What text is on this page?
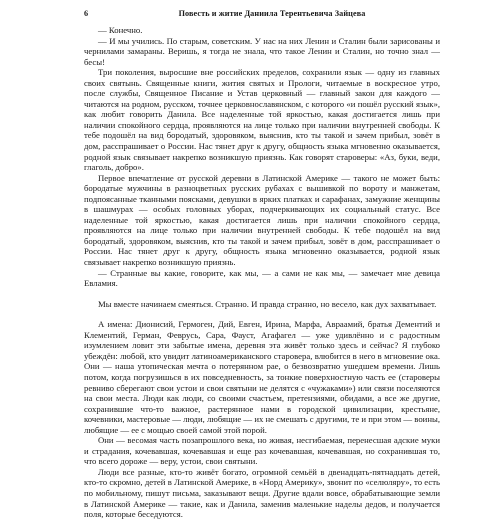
6	Повесть и житие Даниила Терентьевича Зайцева

— Конечно.

— И мы учились. По старым, советским. У нас на них Ленин и Сталин были зарисованы и чернилами замараны. Веришь, я тогда не знала, что такое Ленин и Сталин, но точно знал — бесы!

Три поколения, выросшие вне российских пределов, сохранили язык — одну из главных своих святынь. Священные книги, жития святых и Прологи, читаемые в воскресное утро, после службы, Священное Писание и Устав церковный — главный закон для каждого — читаются на родном, русском, точнее церковнославянском, с которого «и пошёл русский язык», как любит говорить Данила. Все наделенные той яркостью, какая достигается лишь при наличии спокойного сердца, проявляются на лице только при наличии внутренней свободы. К тебе подошёл на вид бородатый, здоровяком, выяснив, кто ты такой и зачем прибыл, зовёт в дом, расспрашивает о России. Нас тянет друг к другу, общность языка мгновенно оказывается, родной язык связывает накрепко возникшую приязнь. Как говорят староверы: «Аз, буки, веди, глаголь, добро».

Первое впечатление от русской деревни в Латинской Америке — такого не может быть: бородатые мужчины в разноцветных русских рубахах с вышивкой по вороту и манжетам, подпоясанные тканными поясками, девушки в ярких платках и сарафанах, замужние женщины в шашмурах — особых головных уборах, подчеркивающих их социальный статус. Все наделенные той яркостью, какая достигается лишь при наличии спокойного сердца, проявляются на лице только при наличии внутренней свободы. К тебе подошёл на вид бородатый, здоровяком, выяснив, кто ты такой и зачем прибыл, зовёт в дом, расспрашивает о России. Нас тянет друг к другу, общность языка мгновенно оказывается, родной язык связывает накрепко возникшую приязнь.

— Странные вы какие, говорите, как мы, — а сами не как мы, — замечает мне девица Евламия.

Мы вместе начинаем смеяться. Странно. И правда странно, но весело, как дух захватывает.

А имена: Дионисий, Гермоген, Дий, Евген, Ирина, Марфа, Авраамий, братья Дементий и Клементий, Герман, Феврусь, Сара, Фауст, Агафагел — уже удивлённо и с радостным изумлением ловит эти забытые имена, деревня эта живёт только здесь и сейчас? Я глубоко убеждён: любой, кто увидит латиноамериканского старовера, влюбится в него в мгновение ока. Они — наша утопическая мечта о потерянном рае, о безвозвратно ушедшем времени. Лишь потом, когда погрузишься в их повседневность, за тонкие поверхностную часть ее (староверы ревниво сберегают свои устои и свои святыни не делятся с «чужаками») или связи поселяются на свои места. Люди как люди, со своими счастьем, претензиями, обидами, а все же другие, сохранившие что-то важное, растеряннoe нами в городской цивилизации, крестьяне, кочевники, мастеровые — люди, любящие — их не смешать с другими, те и при этом — воины, любящие — ее с мощью своей самой этой порой.

Они — весомая часть позапрошлого века, но живая, несгибаемая, перенесшая адские муки и страдания, кочевавшая, кочевавшая и еще раз кочевавшая, кочевавшая, но сохранившая то, что всего дороже — веру, устои, свои святыни.

Люди все разные, кто-то живёт богато, огромной семьёй в двенадцать-пятнадцать детей, кто-то скромно, детей в Латинской Америке, в «Норд Америку», звонит по «селюляру», то есть по мобильному, пишут письма, заказывают вещи. Другие вдали вовсе, обрабатывающие земли в Латинской Америке — такие, как и Данила, заменив маленькие наделы дедов, и получается поля, которые беседуются.
